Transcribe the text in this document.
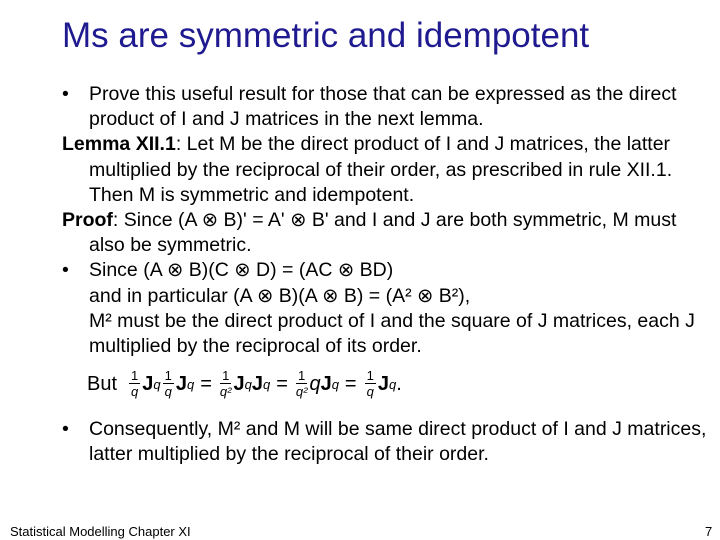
Ms are symmetric and idempotent

• Prove this useful result for those that can be expressed as the direct product of I and J matrices in the next lemma.

Lemma XII.1: Let M be the direct product of I and J matrices, the latter multiplied by the reciprocal of their order, as prescribed in rule XII.1.

Then M is symmetric and idempotent.

Proof: Since (A ⊗ B)' = A' ⊗ B' and I and J are both symmetric, M must also be symmetric.

• Since (A ⊗ B)(C ⊗ D) = (AC ⊗ BD)

and in particular (A ⊗ B)(A ⊗ B) = (A² ⊗ B²),

M² must be the direct product of I and the square of J matrices, each J multiplied by the reciprocal of its order.

But $\frac{1}{q}$ J q $\frac{1}{q}$ J $q = \frac{1}{\text{q²}}$ J q J $q = \frac{1}{\text{q²}}$ q J $q = \frac{1}{q}$ J q .

• Consequently, M² and M will be same direct product of I and J matrices, latter multiplied by the reciprocal of their order.

Statistical Modelling Chapter XI	7
